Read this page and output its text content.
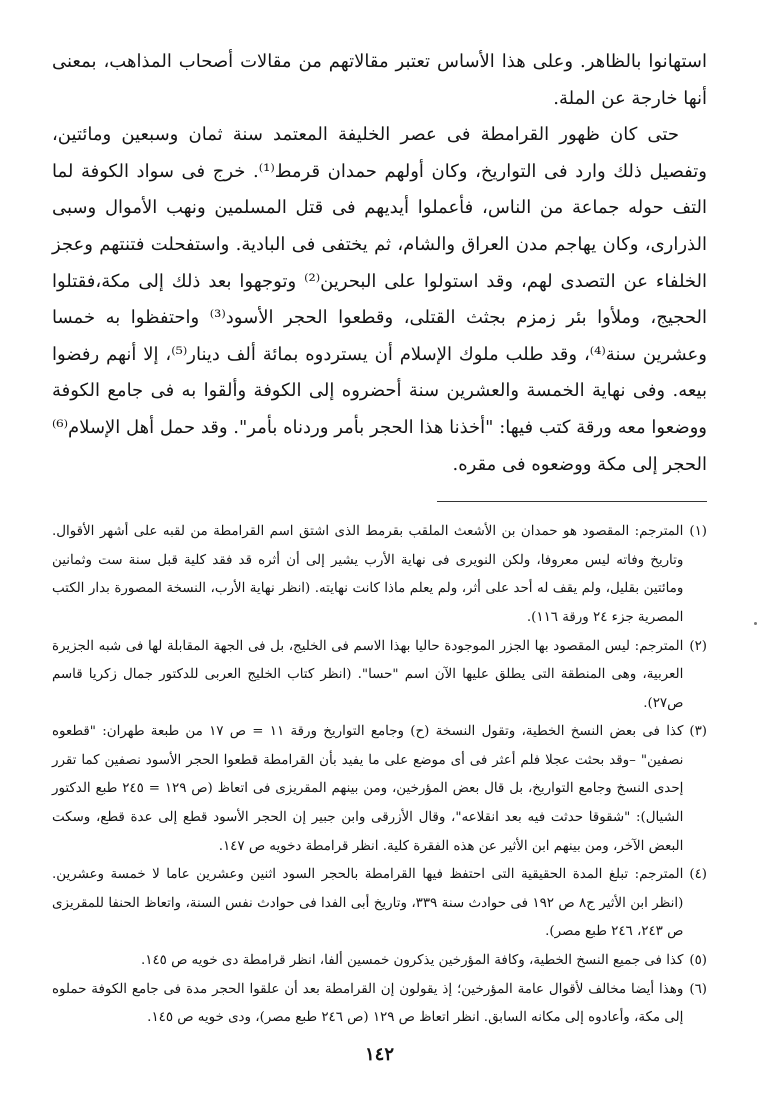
استهانوا بالظاهر. وعلى هذا الأساس تعتبر مقالاتهم من مقالات أصحاب المذاهب، بمعنى أنها خارجة عن الملة.

حتى كان ظهور القرامطة فى عصر الخليفة المعتمد سنة ثمان وسبعين ومائتين، وتفصيل ذلك وارد فى التواريخ، وكان أولهم حمدان قرمط⁽¹⁾. خرج فى سواد الكوفة لما التف حوله جماعة من الناس، فأعملوا أيديهم فى قتل المسلمين ونهب الأموال وسبى الذرارى، وكان يهاجم مدن العراق والشام، ثم يختفى فى البادية. واستفحلت فتنتهم وعجز الخلفاء عن التصدى لهم، وقد استولوا على البحرين⁽²⁾ وتوجهوا بعد ذلك إلى مكة،فقتلوا الحجيج، وملأوا بئر زمزم بجثث القتلى، وقطعوا الحجر الأسود⁽³⁾ واحتفظوا به خمسا وعشرين سنة⁽⁴⁾، وقد طلب ملوك الإسلام أن يستردوه بمائة ألف دينار⁽⁵⁾، إلا أنهم رفضوا بيعه. وفى نهاية الخمسة والعشرين سنة أحضروه إلى الكوفة وألقوا به فى جامع الكوفة ووضعوا معه ورقة كتب فيها: "أخذنا هذا الحجر بأمر وردناه بأمر". وقد حمل أهل الإسلام⁽⁶⁾ الحجر إلى مكة ووضعوه فى مقره.

(١)
المترجم: المقصود هو حمدان بن الأشعث الملقب بقرمط الذى اشتق اسم القرامطة من لقبه على أشهر الأقوال. وتاريخ وفاته ليس معروفا، ولكن النويرى فى نهاية الأرب يشير إلى أن أثره قد فقد كلية قبل سنة ست وثمانين ومائتين بقليل، ولم يقف له أحد على أثر، ولم يعلم ماذا كانت نهايته. (انظر نهاية الأرب، النسخة المصورة بدار الكتب المصرية جزء ٢٤ ورقة ١١٦).
(٢)
المترجم: ليس المقصود بها الجزر الموجودة حاليا بهذا الاسم فى الخليج، بل فى الجهة المقابلة لها فى شبه الجزيرة العربية، وهى المنطقة التى يطلق عليها الآن اسم "حسا". (انظر كتاب الخليج العربى للدكتور جمال زكريا قاسم ص٢٧).
(٣)
كذا فى بعض النسخ الخطية، وتقول النسخة (ح) وجامع التواريخ ورقة ١١ = ص ١٧ من طبعة طهران: "قطعوه نصفين" –وقد بحثت عجلا فلم أعثر فى أى موضع على ما يفيد بأن القرامطة قطعوا الحجر الأسود نصفين كما تقرر إحدى النسخ وجامع التواريخ، بل قال بعض المؤرخين، ومن بينهم المقريزى فى اتعاظ (ص ١٢٩ = ٢٤٥ طبع الدكتور الشيال): "شقوقا حدثت فيه بعد انقلاعه"، وقال الأزرقى وابن جبير إن الحجر الأسود قطع إلى عدة قطع، وسكت البعض الآخر، ومن بينهم ابن الأثير عن هذه الفقرة كلية. انظر قرامطة دخويه ص ١٤٧.
(٤)
المترجم: تبلغ المدة الحقيقية التى احتفظ فيها القرامطة بالحجر السود اثنين وعشرين عاما لا خمسة وعشرين. (انظر ابن الأثير ج٨ ص ١٩٢ فى حوادث سنة ٣٣٩، وتاريخ أبى الفدا فى حوادث نفس السنة، واتعاظ الحنفا للمقريزى ص ٢٤٣، ٢٤٦ طبع مصر).
(٥)
كذا فى جميع النسخ الخطية، وكافة المؤرخين يذكرون خمسين ألفا، انظر قرامطة دى خويه ص ١٤٥.
(٦)
وهذا أيضا مخالف لأقوال عامة المؤرخين؛ إذ يقولون إن القرامطة بعد أن علقوا الحجر مدة فى جامع الكوفة حملوه إلى مكة، وأعادوه إلى مكانه السابق. انظر اتعاظ ص ١٢٩ (ص ٢٤٦ طبع مصر)، ودى خويه ص ١٤٥.
١٤٢
